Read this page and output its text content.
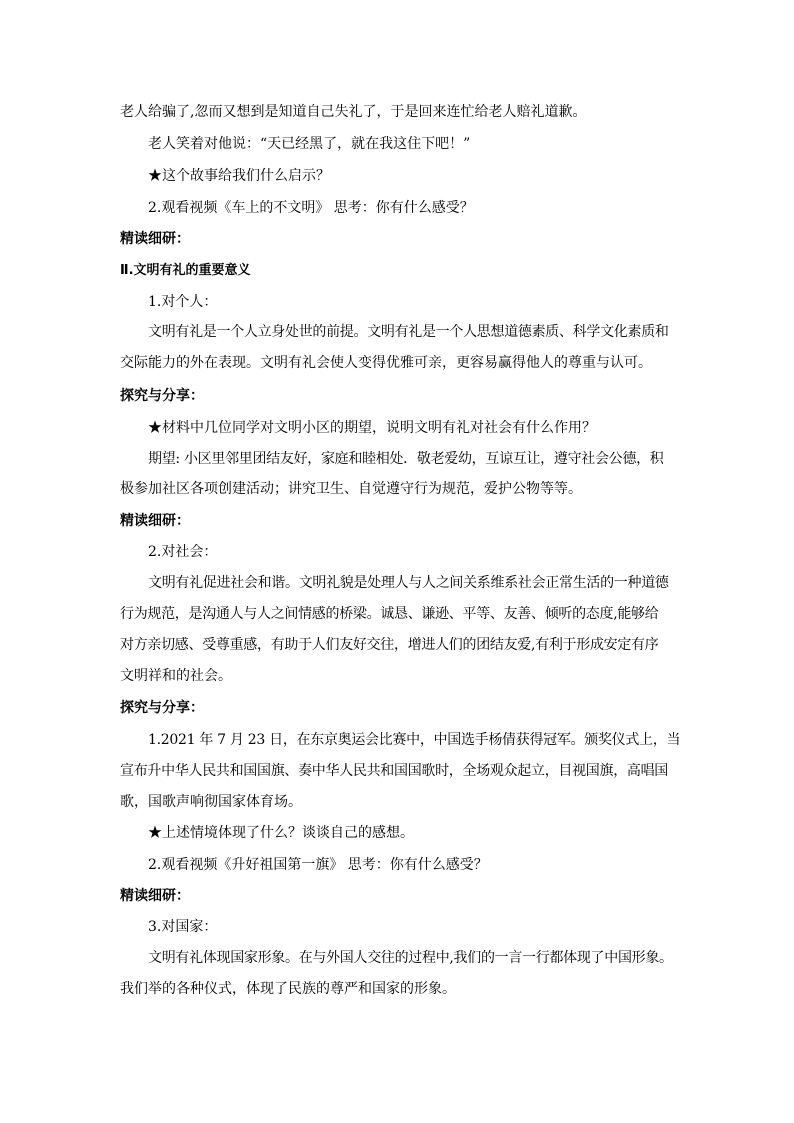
老人给骗了,忽而又想到是知道自己失礼了，于是回来连忙给老人赔礼道歉。
老人笑着对他说：“天已经黑了，就在我这住下吧！”
★这个故事给我们什么启示？
2.观看视频《车上的不文明》 思考：你有什么感受？
精读细研：
Ⅱ.文明有礼的重要意义
1.对个人：
文明有礼是一个人立身处世的前提。文明有礼是一个人思想道德素质、科学文化素质和
交际能力的外在表现。文明有礼会使人变得优雅可亲，更容易赢得他人的尊重与认可。
探究与分享：
★材料中几位同学对文明小区的期望，说明文明有礼对社会有什么作用？
期望: 小区里邻里团结友好，家庭和睦相处．敬老爱幼，互谅互让，遵守社会公德，积
极参加社区各项创建活动；讲究卫生、自觉遵守行为规范，爱护公物等等。
精读细研：
2.对社会：
文明有礼促进社会和谐。文明礼貌是处理人与人之间关系维系社会正常生活的一种道德
行为规范，是沟通人与人之间情感的桥梁。诚恳、谦逊、平等、友善、倾听的态度,能够给
对方亲切感、受尊重感，有助于人们友好交往，增进人们的团结友爱,有利于形成安定有序
文明祥和的社会。
探究与分享：
1.2021 年 7 月 23 日，在东京奥运会比赛中，中国选手杨倩获得冠军。颁奖仪式上，当
宣布升中华人民共和国国旗、奏中华人民共和国国歌时，全场观众起立，目视国旗，高唱国
歌，国歌声响彻国家体育场。
★上述情境体现了什么？谈谈自己的感想。
2.观看视频《升好祖国第一旗》 思考：你有什么感受？
精读细研：
3.对国家：
文明有礼体现国家形象。在与外国人交往的过程中,我们的一言一行都体现了中国形象。
我们举的各种仪式，体现了民族的尊严和国家的形象。
